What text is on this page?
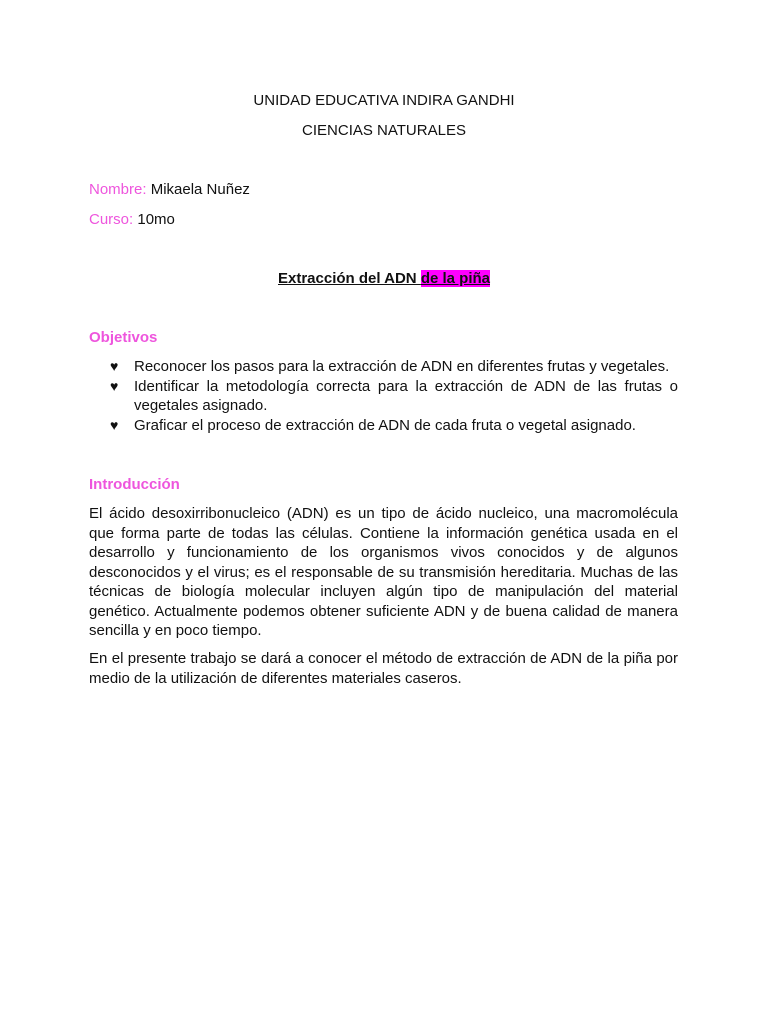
UNIDAD EDUCATIVA INDIRA GANDHI
CIENCIAS NATURALES
Nombre: Mikaela Nuñez
Curso: 10mo
Extracción del ADN de la piña
Objetivos
♥ Reconocer los pasos para la extracción de ADN en diferentes frutas y vegetales.
♥ Identificar la metodología correcta para la extracción de ADN de las frutas o vegetales asignado.
♥ Graficar el proceso de extracción de ADN de cada fruta o vegetal asignado.
Introducción

El ácido desoxirribonucleico (ADN) es un tipo de ácido nucleico, una macromolécula que forma parte de todas las células. Contiene la información genética usada en el desarrollo y funcionamiento de los organismos vivos conocidos y de algunos desconocidos y el virus; es el responsable de su transmisión hereditaria. Muchas de las técnicas de biología molecular incluyen algún tipo de manipulación del material genético. Actualmente podemos obtener suficiente ADN y de buena calidad de manera sencilla y en poco tiempo.

En el presente trabajo se dará a conocer el método de extracción de ADN de la piña por medio de la utilización de diferentes materiales caseros.
